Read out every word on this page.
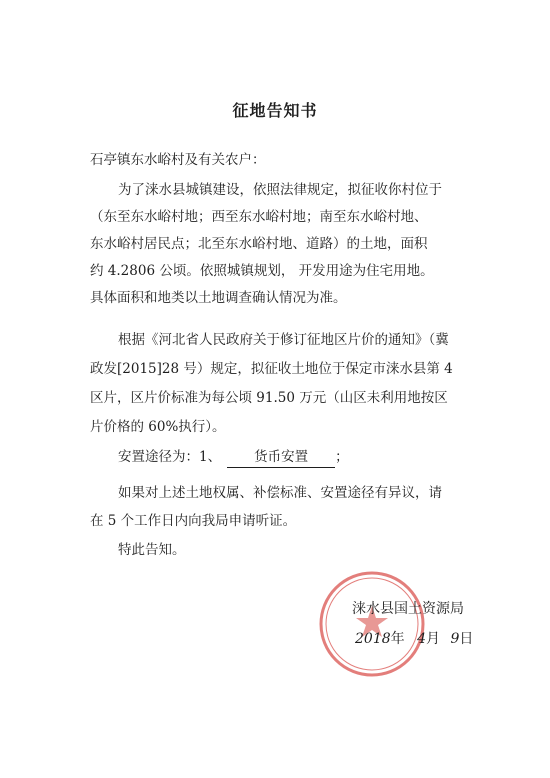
征地告知书
石亭镇东水峪村及有关农户：
为了涞水县城镇建设，依照法律规定，拟征收你村位于
（东至东水峪村地；西至东水峪村地；南至东水峪村地、
东水峪村居民点；北至东水峪村地、道路）的土地，面积
约 4.2806 公顷。依照城镇规划， 开发用途为住宅用地。
具体面积和地类以土地调查确认情况为准。
根据《河北省人民政府关于修订征地区片价的通知》（冀
政发[2015]28 号）规定，拟征收土地位于保定市涞水县第 4
区片，区片价标准为每公顷 91.50 万元（山区未利用地按区
片价格的 60%执行）。
安置途径为：1、 货币安置 ；
如果对上述土地权属、补偿标准、安置途径有异议，请
在 5 个工作日内向我局申请听证。
特此告知。
涞水县国土资源局
2018年 4月 9日
